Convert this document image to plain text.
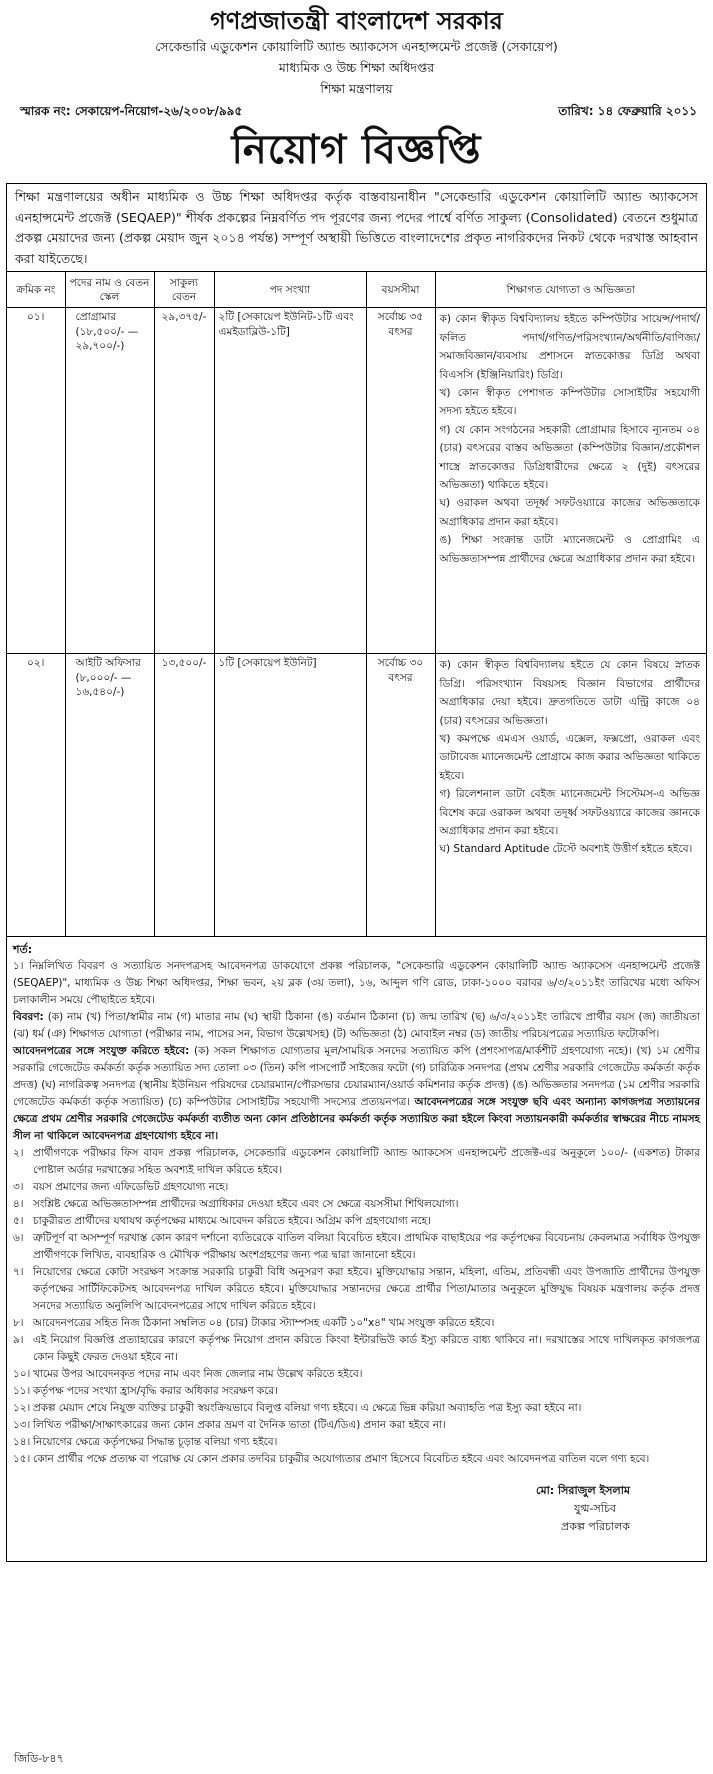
গণপ্রজাতন্ত্রী বাংলাদেশ সরকার
সেকেন্ডারি এডুকেশন কোয়ালিটি অ্যান্ড অ্যাকসেস এনহান্সমেন্ট প্রজেক্ট (সেকায়েপ)
মাধ্যমিক ও উচ্চ শিক্ষা অধিদপ্তর
শিক্ষা মন্ত্রণালয়
স্মারক নং: সেকায়েপ-নিয়োগ-২৬/২০০৮/৯৯৫	তারিখ: ১৪ ফেব্রুয়ারি ২০১১
নিয়োগ বিজ্ঞপ্তি
শিক্ষা মন্ত্রণালয়ের অধীন মাধ্যমিক ও উচ্চ শিক্ষা অধিদপ্তর কর্তৃক বাস্তবায়নাধীন "সেকেন্ডারি এডুকেশন কোয়ালিটি অ্যান্ড অ্যাকসেস এনহান্সমেন্ট প্রজেক্ট (SEQAEP)" শীর্ষক প্রকল্পের নিম্নবর্ণিত পদ পূরণের জন্য পদের পার্শ্বে বর্ণিত সাকুল্য (Consolidated) বেতনে শুধুমাত্র প্রকল্প মেয়াদের জন্য (প্রকল্প মেয়াদ জুন ২০১৪ পর্যন্ত) সম্পূর্ণ অস্থায়ী ভিত্তিতে বাংলাদেশের প্রকৃত নাগরিকদের নিকট থেকে দরখাস্ত আহবান করা যাইতেছে।
ক্রমিক নং	পদের নাম ও বেতন স্কেল	সাকুল্য বেতন	পদ সংখ্যা	বয়সসীমা	শিক্ষাগত যোগ্যতা ও অভিজ্ঞতা
০১।	প্রোগ্রামার (১৮,৫০০/- — ২৯,৭০০/-)	২৯,৩৭৫/-	২টি [সেকায়েপ ইউনিট-১টি এবং এমইডাব্লিউ-১টি]	সর্বোচ্চ ৩৫ বৎসর	ক) কোন স্বীকৃত বিশ্ববিদ্যালয় হইতে কম্পিউটার সায়েন্স/পদার্থ/ফলিত পদার্থ/গণিত/পরিসংখ্যান/অর্থনীতি/বাণিজ্য/সমাজবিজ্ঞান/ব্যবসায় প্রশাসনে স্নাতকোত্তর ডিগ্রি অথবা বিএসসি (ইঞ্জিনিয়ারিং) ডিগ্রি।

খ) কোন স্বীকৃত পেশাগত কম্পিউটার সোসাইটির সহযোগী সদস্য হইতে হইবে।

গ) যে কোন সংগঠনের সহকারী প্রোগ্রামার হিসাবে ন্যূনতম ০৪ (চার) বৎসরের বাস্তব অভিজ্ঞতা (কম্পিউটার বিজ্ঞান/প্রকৌশল শাস্ত্রে স্নাতকোত্তর ডিগ্রিধারীদের ক্ষেত্রে ২ (দুই) বৎসরের অভিজ্ঞতা) থাকিতে হইবে।

ঘ) ওরাকল অথবা তদূর্ধ্ব সফটওয়্যারে কাজের অভিজ্ঞতাকে অগ্রাধিকার প্রদান করা হইবে।

ঙ) শিক্ষা সংক্রান্ত ডাটা ম্যানেজমেন্ট ও প্রোগ্রামিং এ অভিজ্ঞতাসম্পন্ন প্রার্থীদের ক্ষেত্রে অগ্রাধিকার প্রদান করা হইবে।

০২।	আইটি অফিসার (৮,০০০/- — ১৬,৫৪০/-)	১৩,৫০০/-	১টি [সেকায়েপ ইউনিট]	সর্বোচ্চ ৩০ বৎসর	ক) কোন স্বীকৃত বিশ্ববিদ্যালয় হইতে যে কোন বিষয়ে স্নাতক ডিগ্রি। পরিসংখ্যান বিষয়সহ বিজ্ঞান বিভাগের প্রার্থীদের অগ্রাধিকার দেয়া হইবে। দ্রুতগতিতে ডাটা এন্ট্রি কাজে ০৪ (চার) বৎসরের অভিজ্ঞতা।

খ) কমপক্ষে এমএস ওয়ার্ড, এক্সেল, ফক্সপ্রো, ওরাকল এবং ডাটাবেজ ম্যানেজমেন্ট প্রোগ্রামে কাজ করার অভিজ্ঞতা থাকিতে হইবে।

গ) রিলেশনাল ডাটা বেইজ ম্যানেজমেন্ট সিস্টেমস-এ অভিজ্ঞ বিশেষ করে ওরাকল অথবা তদূর্ধ্ব সফটওয়্যারে কাজের জ্ঞানকে অগ্রাধিকার প্রদান করা হইবে।

ঘ) Standard Aptitude টেস্টে অবশ্যই উত্তীর্ণ হইতে হইবে।

শর্ত:
১। নিম্নলিখিত বিবরণ ও সত্যায়িত সনদপত্রসহ আবেদনপত্র ডাকযোগে প্রকল্প পরিচালক, "সেকেন্ডারি এডুকেশন কোয়ালিটি অ্যান্ড অ্যাকসেস এনহান্সমেন্ট প্রজেক্ট (SEQAEP)", মাধ্যমিক ও উচ্চ শিক্ষা অধিদপ্তর, শিক্ষা ভবন, ২য় ব্লক (৩য় তলা), ১৬, আব্দুল গণি রোড, ঢাকা-১০০০ বরাবর ৬/৩/২০১১ইং তারিখের মধ্যে অফিস চলাকালীন সময়ে পৌছাইতে হইবে।
বিবরণ: (ক) নাম (খ) পিতা/স্বামীর নাম (গ) মাতার নাম (ঘ) স্থায়ী ঠিকানা (ঙ) বর্তমান ঠিকানা (চ) জন্ম তারিখ (ছ) ৬/৩/২০১১ইং তারিখে প্রার্থীর বয়স (জ) জাতীয়তা (ঝ) ধর্ম (ঞ) শিক্ষাগত যোগ্যতা (পরীক্ষার নাম, পাসের সন, বিভাগ উল্লেখসহ) (ট) অভিজ্ঞতা (ঠ) মোবাইল নম্বর (ড) জাতীয় পরিচয়পত্রের সত্যায়িত ফটোকপি।
আবেদনপত্রের সঙ্গে সংযুক্ত করিতে হইবে: (ক) সকল শিক্ষাগত যোগ্যতার মূল/সাময়িক সনদের সত্যায়িত কপি (প্রশংসাপত্র/মার্কশীট গ্রহণযোগ্য নহে)। (খ) ১ম শ্রেণীর সরকারি গেজেটেড কর্মকর্তা কর্তৃক সত্যায়িত সদ্য তোলা ০৩ (তিন) কপি পাসপোর্ট সাইজের ফটো (গ) চারিত্রিক সনদপত্র (প্রথম শ্রেণীর সরকারি গেজেটেড কর্মকর্তা কর্তৃক প্রদত্ত) (ঘ) নাগরিকত্ব সনদপত্র (স্থানীয় ইউনিয়ন পরিষদের চেয়ারম্যান/পৌরসভার চেয়ারম্যান/ওয়ার্ড কমিশনার কর্তৃক প্রদত্ত) (ঙ) অভিজ্ঞতার সনদপত্র (১ম শ্রেণীর সরকারি গেজেটেড কর্মকর্তা কর্তৃক সত্যায়িত) (চ) কম্পিউটার সোসাইটির সহযোগী সদস্যের প্রত্যয়নপত্র। আবেদনপত্রের সঙ্গে সংযুক্ত ছবি এবং অন্যান্য কাগজপত্র সত্যায়নের ক্ষেত্রে প্রথম শ্রেণীর সরকারি গেজেটেড কর্মকর্তা ব্যতীত অন্য কোন প্রতিষ্ঠানের কর্মকর্তা কর্তৃক সত্যায়িত করা হইলে কিংবা সত্যায়নকারী কর্মকর্তার স্বাক্ষরের নীচে নামসহ সীল না থাকিলে আবেদনপত্র গ্রহণযোগ্য হইবে না।
২। প্রার্থীগণকে পরীক্ষার ফিস বাবদ প্রকল্প পরিচালক, সেকেন্ডারি এডুকেশন কোয়ালিটি অ্যান্ড অ্যাকসেস এনহান্সমেন্ট প্রজেক্ট-এর অনুকূলে ১০০/- (একশত) টাকার পোষ্টাল অর্ডার দরখাস্তের সহিত অবশ্যই দাখিল করিতে হইবে।
৩। বয়স প্রমাণের জন্য এফিডেভিট গ্রহণযোগ্য নহে।
৪। সংশ্লিষ্ট ক্ষেত্রে অভিজ্ঞতাসম্পন্ন প্রার্থীদের অগ্রাধিকার দেওয়া হইবে এবং সে ক্ষেত্রে বয়সসীমা শিথিলযোগ্য।
৫। চাকুরীরত প্রার্থীদের যথাযথ কর্তৃপক্ষের মাধ্যমে আবেদন করিতে হইবে। অগ্রিম কপি গ্রহণযোগ্য নহে।
৬। ত্রুটিপূর্ণ বা অসম্পূর্ণ দরখাস্ত কোন কারণ দর্শানো ব্যতিরেকে বাতিল বলিয়া বিবেচিত হইবে। প্রাথমিক বাছাইয়ের পর কর্তৃপক্ষের বিবেচনায় কেবলমাত্র সর্বাধিক উপযুক্ত প্রার্থীগণকে লিখিত, ব্যবহারিক ও মৌখিক পরীক্ষায় অংশগ্রহণের জন্য পত্র দ্বারা জানানো হইবে।
৭। নিয়োগের ক্ষেত্রে কোটা সংরক্ষণ সংক্রান্ত সরকারি চাকুরী বিধি অনুসরণ করা হইবে। মুক্তিযোদ্ধার সন্তান, মহিলা, এতিম, প্রতিবন্ধী এবং উপজাতি প্রার্থীদের উপযুক্ত কর্তৃপক্ষের সার্টিফিকেটসহ আবেদনপত্র দাখিল করিতে হইবে। মুক্তিযোদ্ধার সন্তানদের ক্ষেত্রে প্রার্থীর পিতা/মাতার অনুকূলে মুক্তিযুদ্ধ বিষয়ক মন্ত্রণালয় কর্তৃক প্রদত্ত সনদের সত্যায়িত অনুলিপি আবেদনপত্রের সাথে দাখিল করিতে হইবে।
৮। আবেদনপত্রের সহিত নিজ ঠিকানা সম্বলিত ০৪ (চার) টাকার স্ট্যাম্পসহ একটি ১০"x৪" খাম সংযুক্ত করিতে হইবে।
৯। এই নিয়োগ বিজ্ঞপ্তি প্রত্যাহারের কারণে কর্তৃপক্ষ নিয়োগ প্রদান করিতে কিংবা ইন্টারভিউ কার্ড ইস্যু করিতে বাধ্য থাকিবে না। দরখাস্তের সাথে দাখিলকৃত কাগজপত্র কোন কিছুই ফেরত দেওয়া হইবে না।
১০। খামের উপর আবেদনকৃত পদের নাম এবং নিজ জেলার নাম উল্লেখ করিতে হইবে।
১১। কর্তৃপক্ষ পদের সংখ্যা হ্রাস/বৃদ্ধি করার অধিকার সংরক্ষণ করে।
১২। প্রকল্প মেয়াদ শেষে নিযুক্ত ব্যক্তির চাকুরী স্বয়ংক্রিয়ভাবে বিলুপ্ত বলিয়া গণ্য হইবে। এ ক্ষেত্রে ভিন্ন করিয়া অব্যাহতি পত্র ইস্যু করা হইবে না।
১৩। লিখিত পরীক্ষা/সাক্ষাৎকারের জন্য কোন প্রকার ভ্রমণ বা দৈনিক ভাতা (টিএ/ডিএ) প্রদান করা হইবে না।
১৪। নিয়োগের ক্ষেত্রে কর্তৃপক্ষের সিদ্ধান্ত চূড়ান্ত বলিয়া গণ্য হইবে।
১৫। কোন প্রার্থীর পক্ষে প্রত্যক্ষ বা পরোক্ষ যে কোন প্রকার তদবির চাকুরীর অযোগ্যতার প্রমাণ হিসেবে বিবেচিত হইবে এবং আবেদনপত্র বাতিল বলে গণ্য হবে।
মো: সিরাজুল ইসলাম
যুগ্ম-সচিব
প্রকল্প পরিচালক
জিডি-৮৪৭
